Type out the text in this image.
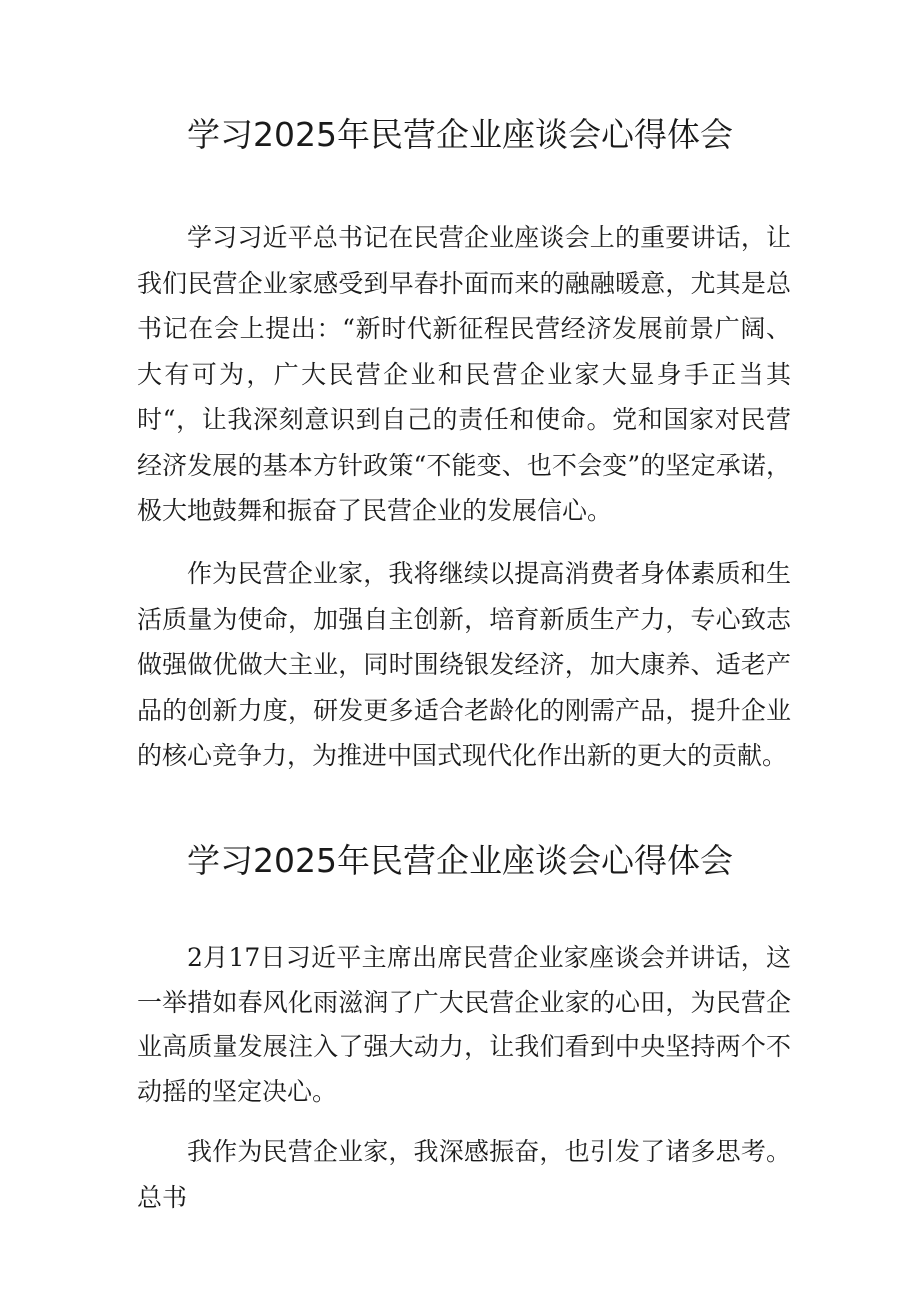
学习2025年民营企业座谈会心得体会

学习习近平总书记在民营企业座谈会上的重要讲话，让我们民营企业家感受到早春扑面而来的融融暖意，尤其是总书记在会上提出：“新时代新征程民营经济发展前景广阔、大有可为，广大民营企业和民营企业家大显身手正当其时“，让我深刻意识到自己的责任和使命。党和国家对民营经济发展的基本方针政策“不能变、也不会变”的坚定承诺，极大地鼓舞和振奋了民营企业的发展信心。

作为民营企业家，我将继续以提高消费者身体素质和生活质量为使命，加强自主创新，培育新质生产力，专心致志做强做优做大主业，同时围绕银发经济，加大康养、适老产品的创新力度，研发更多适合老龄化的刚需产品，提升企业的核心竞争力，为推进中国式现代化作出新的更大的贡献。

学习2025年民营企业座谈会心得体会

2月17日习近平主席出席民营企业家座谈会并讲话，这一举措如春风化雨滋润了广大民营企业家的心田，为民营企业高质量发展注入了强大动力，让我们看到中央坚持两个不动摇的坚定决心。

我作为民营企业家，我深感振奋，也引发了诸多思考。总书
